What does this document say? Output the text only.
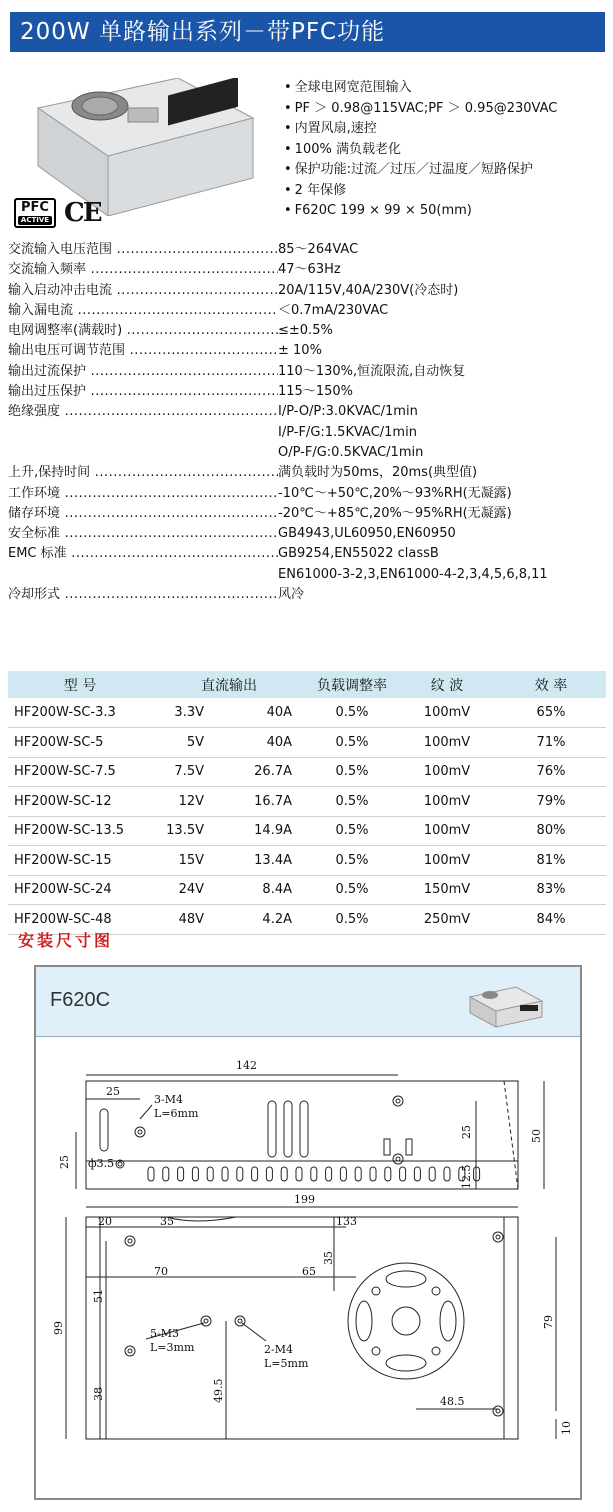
200W 单路输出系列－带PFC功能
PFC
ACTIVE CE
• 全球电网宽范围输入
• PF ＞ 0.98@115VAC;PF ＞ 0.95@230VAC
• 内置风扇,速控
• 100% 满负载老化
• 保护功能:过流／过压／过温度／短路保护
• 2 年保修
• F620C 199 × 99 × 50(mm)
交流输入电压范围 .....	85～264VAC
交流输入频率 .....	47～63Hz
输入启动冲击电流 .....	20A/115V,40A/230V(冷态时)
输入漏电流 .....	＜0.7mA/230VAC
电网调整率(满载时) .....	≤±0.5%
输出电压可调节范围 .....	± 10%
输出过流保护 .....	110～130%,恒流限流,自动恢复
输出过压保护 .....	115～150%
绝缘强度 .....	I/P-O/P:3.0KVAC/1min
I/P-F/G:1.5KVAC/1min
O/P-F/G:0.5KVAC/1min
上升,保持时间 .....	满负载时为50ms，20ms(典型值)
工作环境 .....	-10℃～+50℃,20%～93%RH(无凝露)
储存环境 .....	-20℃～+85℃,20%～95%RH(无凝露)
安全标准 .....	GB4943,UL60950,EN60950
EMC 标准 .....	GB9254,EN55022 classB
EN61000-3-2,3,EN61000-4-2,3,4,5,6,8,11
冷却形式 .....	风冷
型 号	直流输出		负载调整率	纹 波	效 率
HF200W-SC-3.3	3.3V	40A	0.5%	100mV	65%
HF200W-SC-5	5V	40A	0.5%	100mV	71%
HF200W-SC-7.5	7.5V	26.7A	0.5%	100mV	76%
HF200W-SC-12	12V	16.7A	0.5%	100mV	79%
HF200W-SC-13.5	13.5V	14.9A	0.5%	100mV	80%
HF200W-SC-15	15V	13.4A	0.5%	100mV	81%
HF200W-SC-24	24V	8.4A	0.5%	150mV	83%
HF200W-SC-48	48V	4.2A	0.5%	250mV	84%
安装尺寸图
F620C
142
25
3-M4
L=6mm
25	50
25 ф3.5
12.5
199
20	35	133
35
70	65
51
99	79
5-M3
L=3mm	2-M4
L=5mm
48.5
38	49.5
10
